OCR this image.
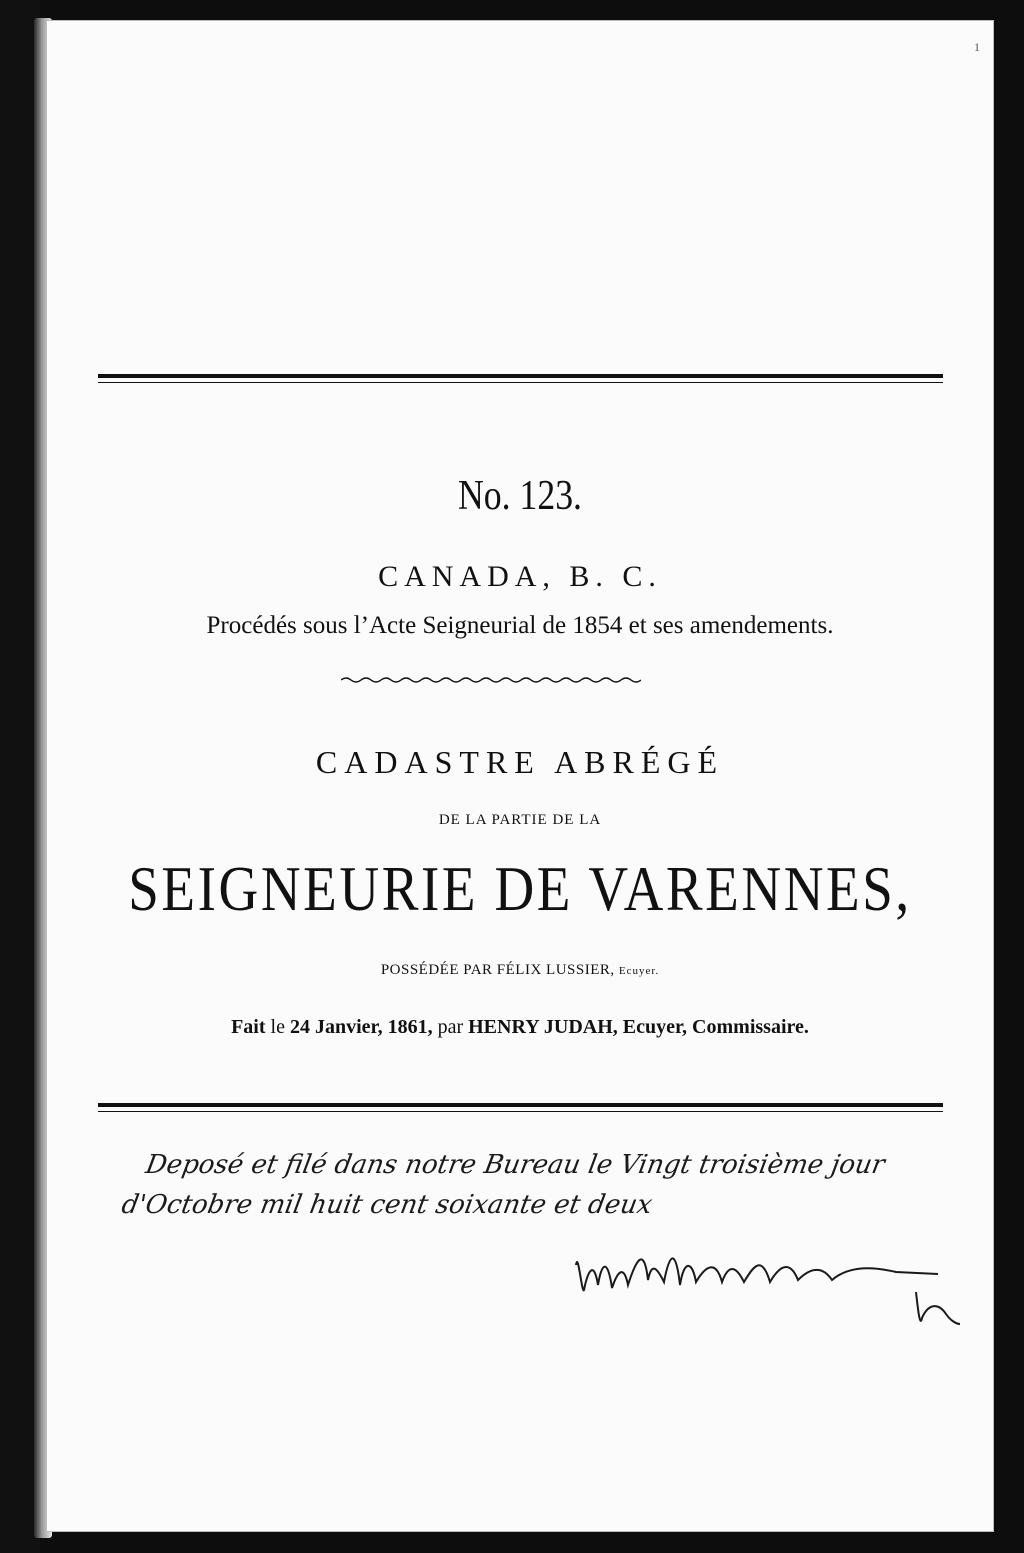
1
No. 123.
CANADA, B. C.
Procédés sous l’Acte Seigneurial de 1854 et ses amendements.
CADASTRE ABRÉGÉ
DE LA PARTIE DE LA
SEIGNEURIE DE VARENNES,
POSSÉDÉE PAR FÉLIX LUSSIER, Ecuyer.
Fait le 24 Janvier, 1861, par HENRY JUDAH, Ecuyer, Commissaire.
Deposé et filé dans notre Bureau le Vingt troisième jour
d'Octobre mil huit cent soixante et deux
